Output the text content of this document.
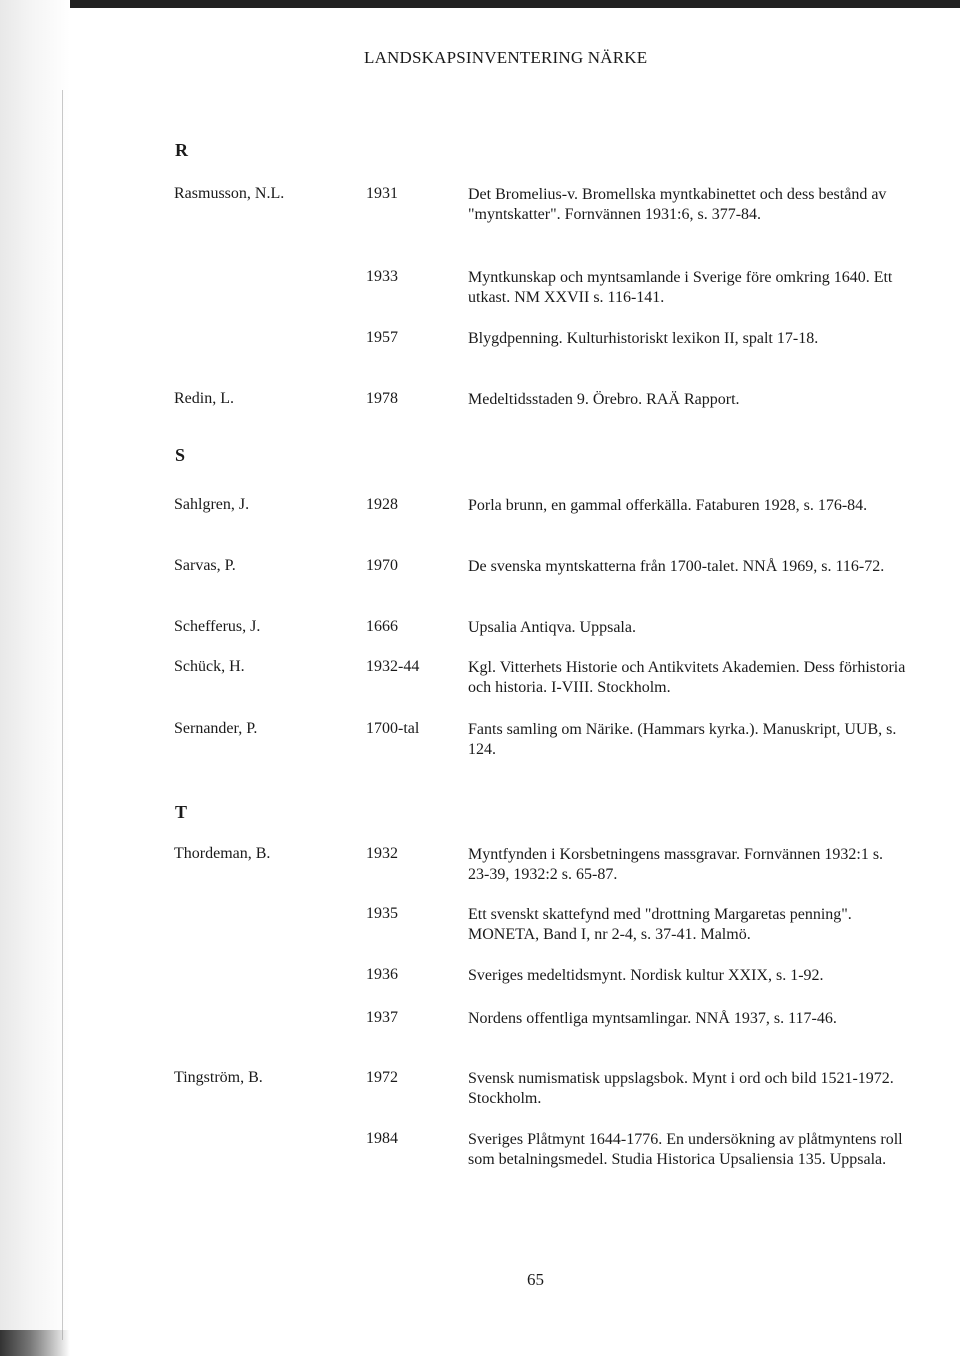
LANDSKAPSINVENTERING NÄRKE
R
Rasmusson, N.L.	1931	Det Bromelius-v. Bromellska myntkabinettet och dess bestånd av "myntskatter". Fornvännen 1931:6, s. 377-84.
1933	Myntkunskap och myntsamlande i Sverige före omkring 1640. Ett utkast. NM XXVII s. 116-141.
1957	Blygdpenning. Kulturhistoriskt lexikon II, spalt 17-18.
Redin, L.	1978	Medeltidsstaden 9. Örebro. RAÄ Rapport.
S
Sahlgren, J.	1928	Porla brunn, en gammal offerkälla. Fataburen 1928, s. 176-84.
Sarvas, P.	1970	De svenska myntskatterna från 1700-talet. NNÅ 1969, s. 116-72.
Schefferus, J.	1666	Upsalia Antiqva. Uppsala.
Schück, H.	1932-44	Kgl. Vitterhets Historie och Antikvitets Akademien. Dess förhistoria och historia. I-VIII. Stockholm.
Sernander, P.	1700-tal	Fants samling om Närike. (Hammars kyrka.). Manuskript, UUB, s. 124.
T
Thordeman, B.	1932	Myntfynden i Korsbetningens massgravar. Fornvännen 1932:1 s. 23-39, 1932:2 s. 65-87.
1935	Ett svenskt skattefynd med "drottning Margaretas penning". MONETA, Band I, nr 2-4, s. 37-41. Malmö.
1936	Sveriges medeltidsmynt. Nordisk kultur XXIX, s. 1-92.
1937	Nordens offentliga myntsamlingar. NNÅ 1937, s. 117-46.
Tingström, B.	1972	Svensk numismatisk uppslagsbok. Mynt i ord och bild 1521-1972. Stockholm.
1984	Sveriges Plåtmynt 1644-1776. En undersökning av plåtmyntens roll som betalningsmedel. Studia Historica Upsaliensia 135. Uppsala.
65
